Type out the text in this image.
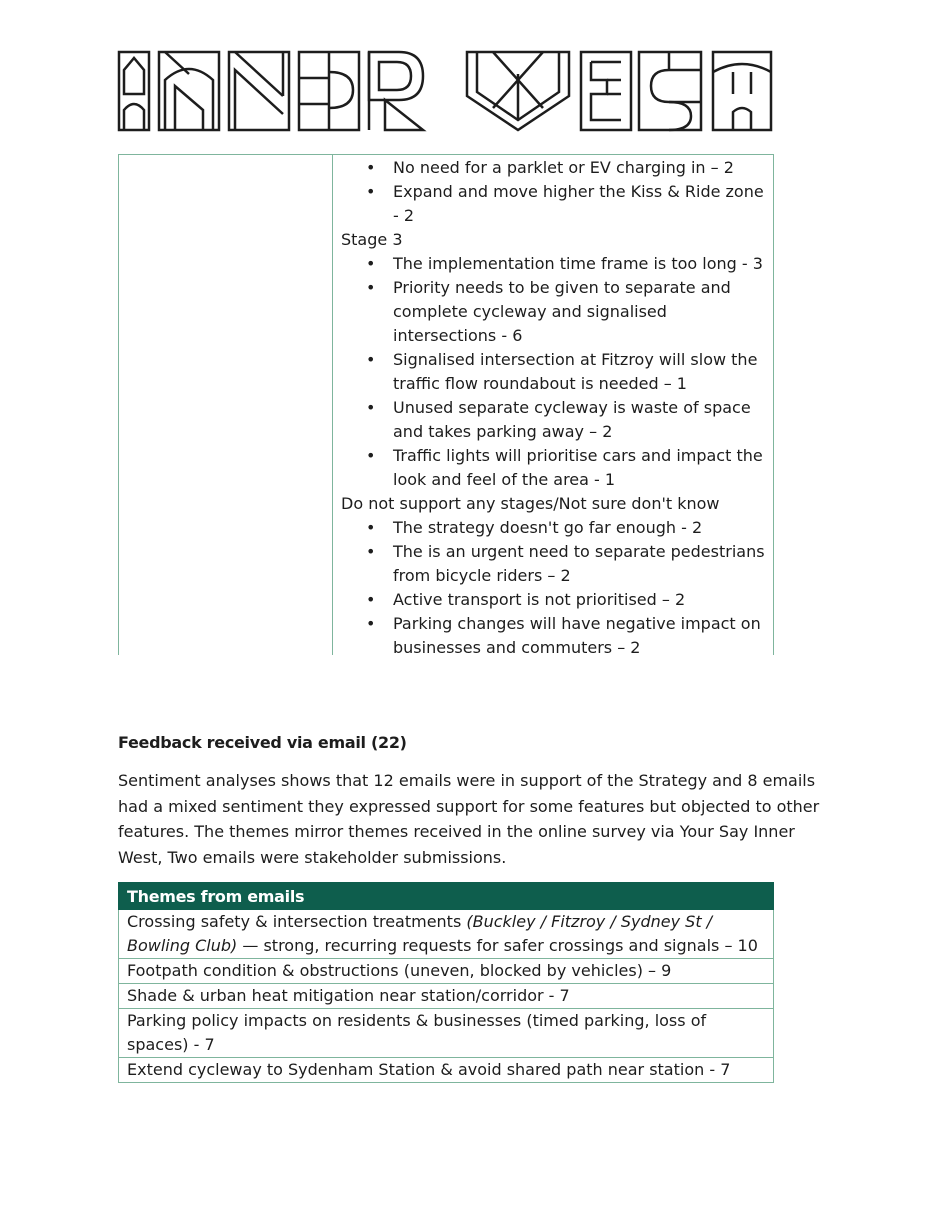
• No need for a parklet or EV charging in – 2
• Expand and move higher the Kiss & Ride zone - 2

Stage 3

• The implementation time frame is too long - 3
• Priority needs to be given to separate and complete cycleway and signalised intersections - 6
• Signalised intersection at Fitzroy will slow the traffic flow roundabout is needed – 1
• Unused separate cycleway is waste of space and takes parking away – 2
• Traffic lights will prioritise cars and impact the look and feel of the area - 1

Do not support any stages/Not sure don't know

• The strategy doesn't go far enough - 2
• The is an urgent need to separate pedestrians from bicycle riders – 2
• Active transport is not prioritised – 2
• Parking changes will have negative impact on businesses and commuters – 2
Feedback received via email (22)

Sentiment analyses shows that 12 emails were in support of the Strategy and 8 emails had a mixed sentiment they expressed support for some features but objected to other features. The themes mirror themes received in the online survey via Your Say Inner West, Two emails were stakeholder submissions.

Themes from emails
Crossing safety & intersection treatments (Buckley / Fitzroy / Sydney St / Bowling Club) — strong, recurring requests for safer crossings and signals – 10
Footpath condition & obstructions (uneven, blocked by vehicles) – 9
Shade & urban heat mitigation near station/corridor - 7
Parking policy impacts on residents & businesses (timed parking, loss of spaces) - 7
Extend cycleway to Sydenham Station & avoid shared path near station - 7
